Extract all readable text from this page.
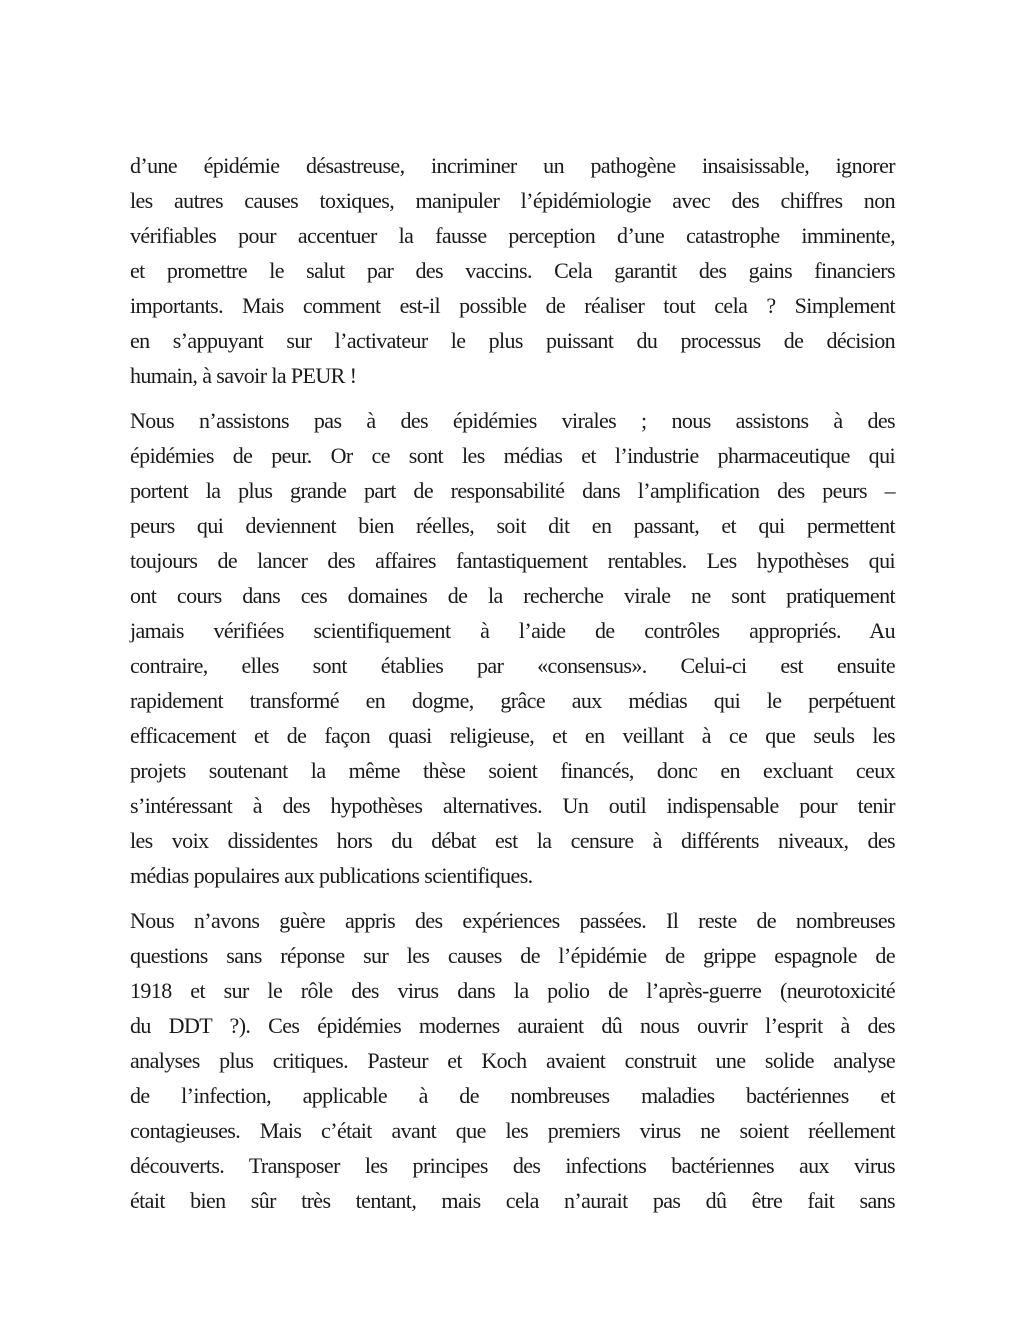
d’une épidémie désastreuse, incriminer un pathogène insaisissable, ignorer
les autres causes toxiques, manipuler l’épidémiologie avec des chiffres non
vérifiables pour accentuer la fausse perception d’une catastrophe imminente,
et promettre le salut par des vaccins. Cela garantit des gains financiers
importants. Mais comment est-il possible de réaliser tout cela ? Simplement
en s’appuyant sur l’activateur le plus puissant du processus de décision
humain, à savoir la PEUR !
Nous n’assistons pas à des épidémies virales ; nous assistons à des
épidémies de peur. Or ce sont les médias et l’industrie pharmaceutique qui
portent la plus grande part de responsabilité dans l’amplification des peurs –
peurs qui deviennent bien réelles, soit dit en passant, et qui permettent
toujours de lancer des affaires fantastiquement rentables. Les hypothèses qui
ont cours dans ces domaines de la recherche virale ne sont pratiquement
jamais vérifiées scientifiquement à l’aide de contrôles appropriés. Au
contraire, elles sont établies par «consensus». Celui-ci est ensuite
rapidement transformé en dogme, grâce aux médias qui le perpétuent
efficacement et de façon quasi religieuse, et en veillant à ce que seuls les
projets soutenant la même thèse soient financés, donc en excluant ceux
s’intéressant à des hypothèses alternatives. Un outil indispensable pour tenir
les voix dissidentes hors du débat est la censure à différents niveaux, des
médias populaires aux publications scientifiques.
Nous n’avons guère appris des expériences passées. Il reste de nombreuses
questions sans réponse sur les causes de l’épidémie de grippe espagnole de
1918 et sur le rôle des virus dans la polio de l’après-guerre (neurotoxicité
du DDT ?). Ces épidémies modernes auraient dû nous ouvrir l’esprit à des
analyses plus critiques. Pasteur et Koch avaient construit une solide analyse
de l’infection, applicable à de nombreuses maladies bactériennes et
contagieuses. Mais c’était avant que les premiers virus ne soient réellement
découverts. Transposer les principes des infections bactériennes aux virus
était bien sûr très tentant, mais cela n’aurait pas dû être fait sans
